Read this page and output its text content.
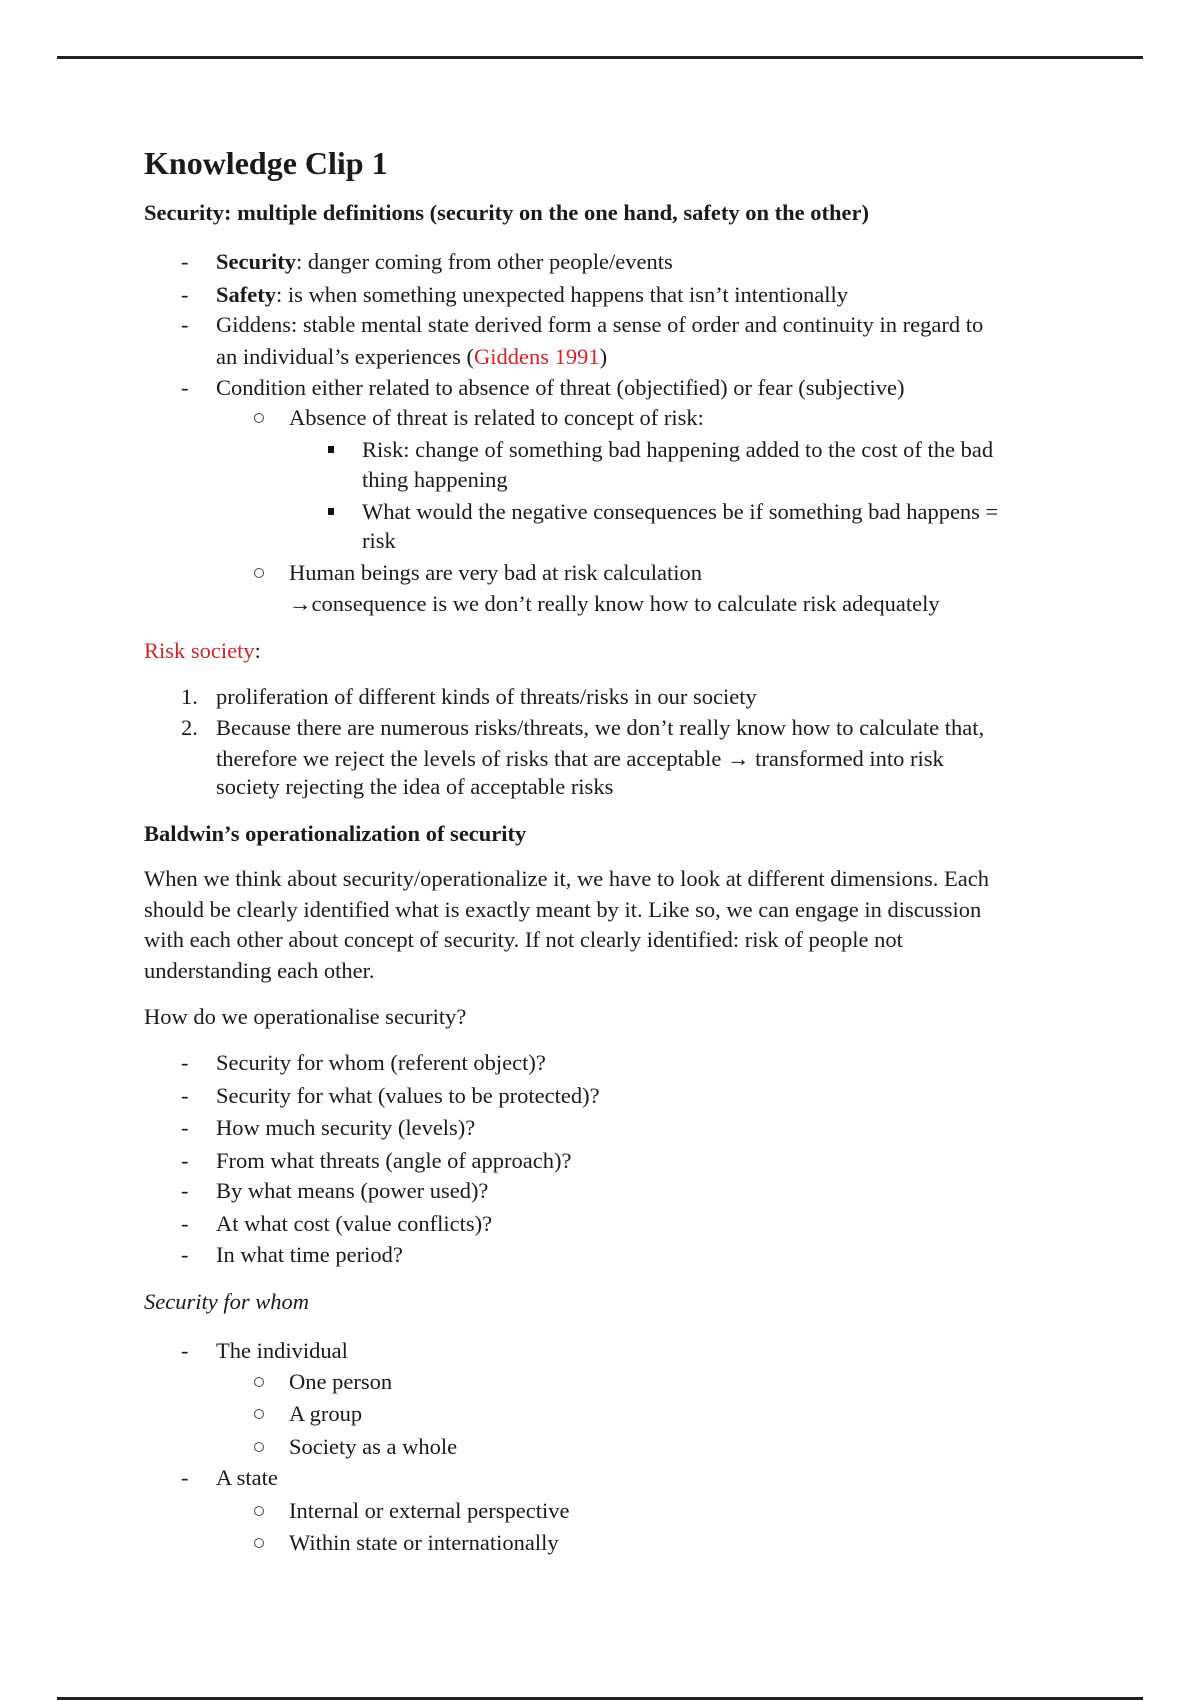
Knowledge Clip 1
Security: multiple definitions (security on the one hand, safety on the other)
- Security: danger coming from other people/events
- Safety: is when something unexpected happens that isn’t intentionally
- Giddens: stable mental state derived form a sense of order and continuity in regard to
an individual’s experiences (Giddens 1991)
- Condition either related to absence of threat (objectified) or fear (subjective)
Absence of threat is related to concept of risk:
Risk: change of something bad happening added to the cost of the bad
thing happening
What would the negative consequences be if something bad happens =
risk
Human beings are very bad at risk calculation
→consequence is we don’t really know how to calculate risk adequately
Risk society:
1. proliferation of different kinds of threats/risks in our society
2. Because there are numerous risks/threats, we don’t really know how to calculate that,
therefore we reject the levels of risks that are acceptable → transformed into risk
society rejecting the idea of acceptable risks
Baldwin’s operationalization of security
When we think about security/operationalize it, we have to look at different dimensions. Each
should be clearly identified what is exactly meant by it. Like so, we can engage in discussion
with each other about concept of security. If not clearly identified: risk of people not
understanding each other.
How do we operationalise security?
- Security for whom (referent object)?
- Security for what (values to be protected)?
- How much security (levels)?
- From what threats (angle of approach)?
- By what means (power used)?
- At what cost (value conflicts)?
- In what time period?
Security for whom
- The individual
One person
A group
Society as a whole
- A state
Internal or external perspective
Within state or internationally
